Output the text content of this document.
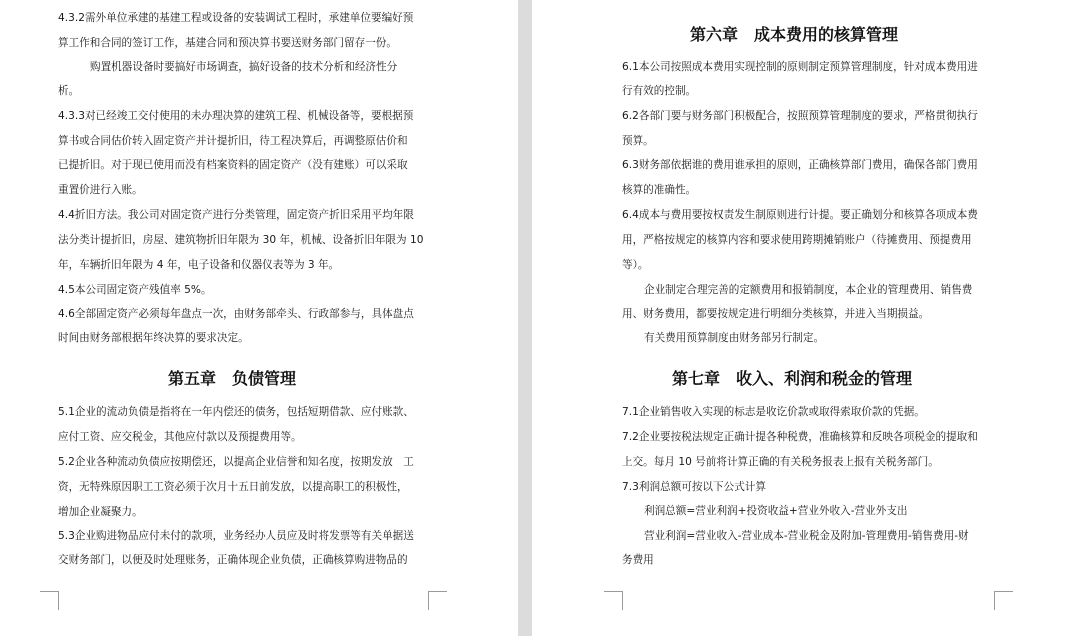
4.3.2需外单位承建的基建工程或设备的安装调试工程时，承建单位要编好预

算工作和合同的签订工作，基建合同和预决算书要送财务部门留存一份。

购置机器设备时要搞好市场调查，搞好设备的技术分析和经济性分

析。

4.3.3对已经竣工交付使用的未办理决算的建筑工程、机械设备等，要根据预

算书或合同估价转入固定资产并计提折旧，待工程决算后，再调整原估价和

已提折旧。对于现已使用而没有档案资料的固定资产（没有建账）可以采取

重置价进行入账。

4.4折旧方法。我公司对固定资产进行分类管理，固定资产折旧采用平均年限

法分类计提折旧，房屋、建筑物折旧年限为 30 年，机械、设备折旧年限为 10

年，车辆折旧年限为 4 年，电子设备和仪器仪表等为 3 年。

4.5本公司固定资产残值率 5%。

4.6全部固定资产必须每年盘点一次，由财务部牵头、行政部参与，具体盘点

时间由财务部根据年终决算的要求决定。

第五章　负债管理

5.1企业的流动负债是指将在一年内偿还的债务，包括短期借款、应付账款、

应付工资、应交税金，其他应付款以及预提费用等。

5.2企业各种流动负债应按期偿还，以提高企业信誉和知名度，按期发放　工

资，无特殊原因职工工资必须于次月十五日前发放，以提高职工的积极性，

增加企业凝聚力。

5.3企业购进物品应付未付的款项，业务经办人员应及时将发票等有关单据送

交财务部门，以便及时处理账务，正确体现企业负债，正确核算购进物品的

第六章　成本费用的核算管理

6.1本公司按照成本费用实现控制的原则制定预算管理制度，针对成本费用进

行有效的控制。

6.2各部门要与财务部门积极配合，按照预算管理制度的要求，严格贯彻执行

预算。

6.3财务部依据谁的费用谁承担的原则，正确核算部门费用，确保各部门费用

核算的准确性。

6.4成本与费用要按权责发生制原则进行计提。要正确划分和核算各项成本费

用，严格按规定的核算内容和要求使用跨期摊销账户（待摊费用、预提费用

等）。

企业制定合理完善的定额费用和报销制度，本企业的管理费用、销售费

用、财务费用，都要按规定进行明细分类核算，并进入当期损益。

有关费用预算制度由财务部另行制定。

第七章　收入、利润和税金的管理

7.1企业销售收入实现的标志是收讫价款或取得索取价款的凭据。

7.2企业要按税法规定正确计提各种税费，准确核算和反映各项税金的提取和

上交。每月 10 号前将计算正确的有关税务报表上报有关税务部门。

7.3利润总额可按以下公式计算

利润总额=营业利润+投资收益+营业外收入-营业外支出

营业利润=营业收入-营业成本-营业税金及附加-管理费用-销售费用-财

务费用
